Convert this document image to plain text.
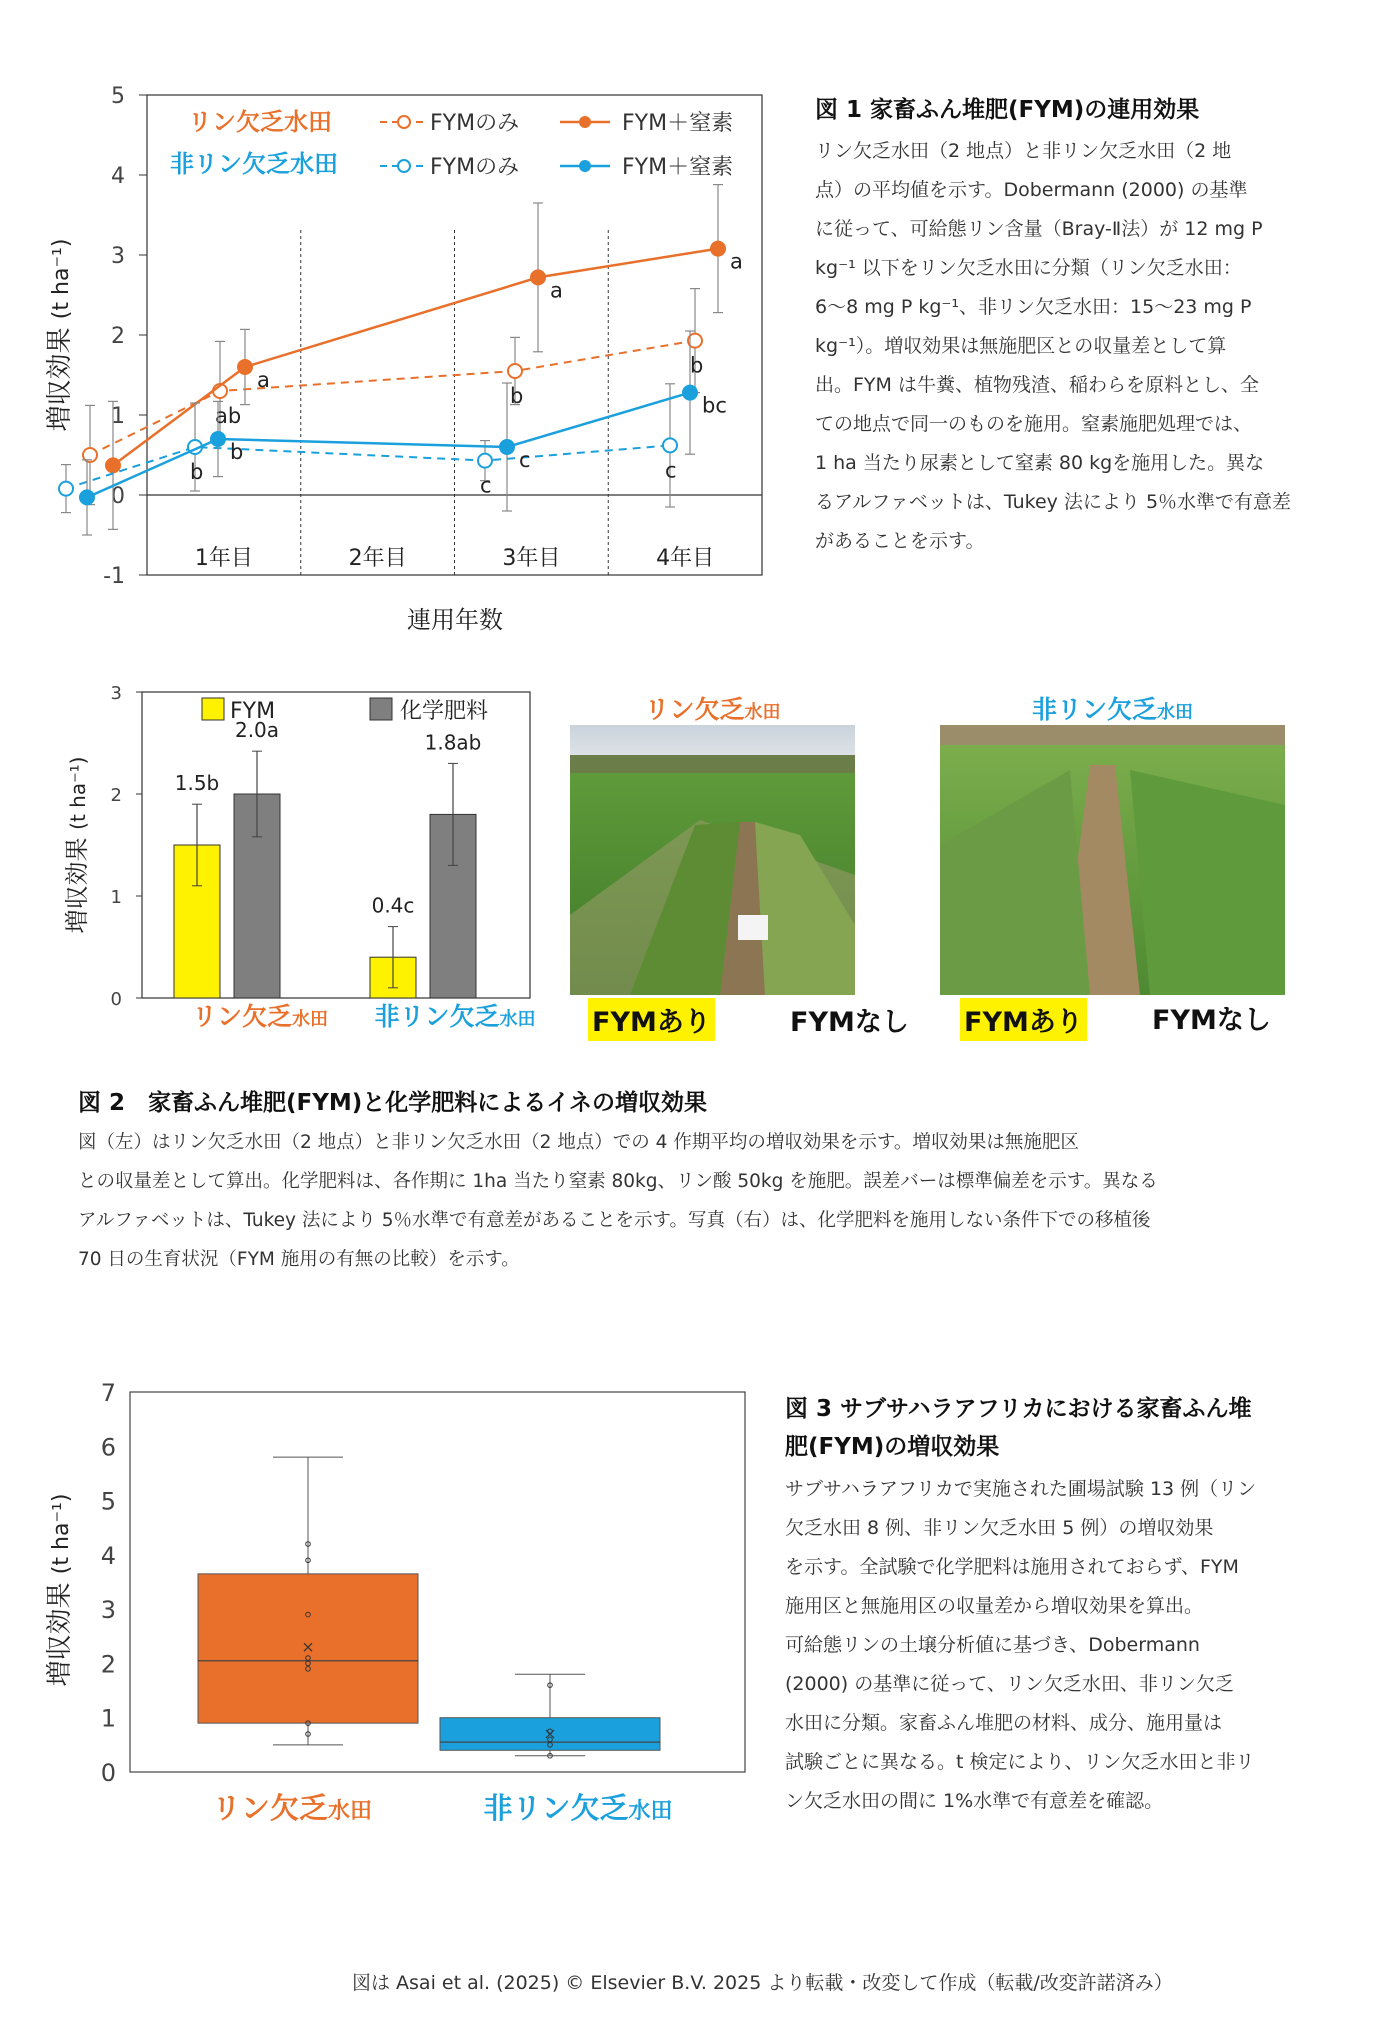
1年目	2年目	3年目	4年目
-1
0
1
2
3
4
5
ab
b
b
a
a
a
b
c
c
b	c
bc
リン欠乏水田	FYMのみ	FYM＋窒素
非リン欠乏水田	FYMのみ	FYM＋窒素
増収効果 (t ha⁻¹)
連用年数
図 1 家畜ふん堆肥(FYM)の連用効果
リン欠乏水田（2 地点）と非リン欠乏水田（2 地
点）の平均値を示す。Dobermann (2000) の基準
に従って、可給態リン含量（Bray-Ⅱ法）が 12 mg P
kg⁻¹ 以下をリン欠乏水田に分類（リン欠乏水田：
6〜8 mg P kg⁻¹、非リン欠乏水田：15〜23 mg P
kg⁻¹）。増収効果は無施肥区との収量差として算
出。FYM は牛糞、植物残渣、稲わらを原料とし、全
ての地点で同一のものを施用。窒素施肥処理では、
1 ha 当たり尿素として窒素 80 kgを施用した。異な
るアルファベットは、Tukey 法により 5％水準で有意差
があることを示す。
0
1
2
3
1.5b
0.4c
2.0a
1.8ab
FYM	化学肥料
増収効果 (t ha⁻¹)
リン欠乏水田 非リン欠乏水田
リン欠乏水田	非リン欠乏水田
FYMあり	FYMなし FYMあり	FYMなし
図 2　家畜ふん堆肥(FYM)と化学肥料によるイネの増収効果
図（左）はリン欠乏水田（2 地点）と非リン欠乏水田（2 地点）での 4 作期平均の増収効果を示す。増収効果は無施肥区
との収量差として算出。化学肥料は、各作期に 1ha 当たり窒素 80kg、リン酸 50kg を施肥。誤差バーは標準偏差を示す。異なる
アルファベットは、Tukey 法により 5％水準で有意差があることを示す。写真（右）は、化学肥料を施用しない条件下での移植後
70 日の生育状況（FYM 施用の有無の比較）を示す。
0
1
2
3
4
5
6
7
増収効果 (t ha⁻¹)
リン欠乏水田	非リン欠乏水田
図 3 サブサハラアフリカにおける家畜ふん堆
肥(FYM)の増収効果
サブサハラアフリカで実施された圃場試験 13 例（リン
欠乏水田 8 例、非リン欠乏水田 5 例）の増収効果
を示す。全試験で化学肥料は施用されておらず、FYM
施用区と無施用区の収量差から増収効果を算出。
可給態リンの土壌分析値に基づき、Dobermann
(2000) の基準に従って、リン欠乏水田、非リン欠乏
水田に分類。家畜ふん堆肥の材料、成分、施用量は
試験ごとに異なる。t 検定により、リン欠乏水田と非リ
ン欠乏水田の間に 1%水準で有意差を確認。
図は Asai et al. (2025) © Elsevier B.V. 2025 より転載・改変して作成（転載/改変許諾済み）
